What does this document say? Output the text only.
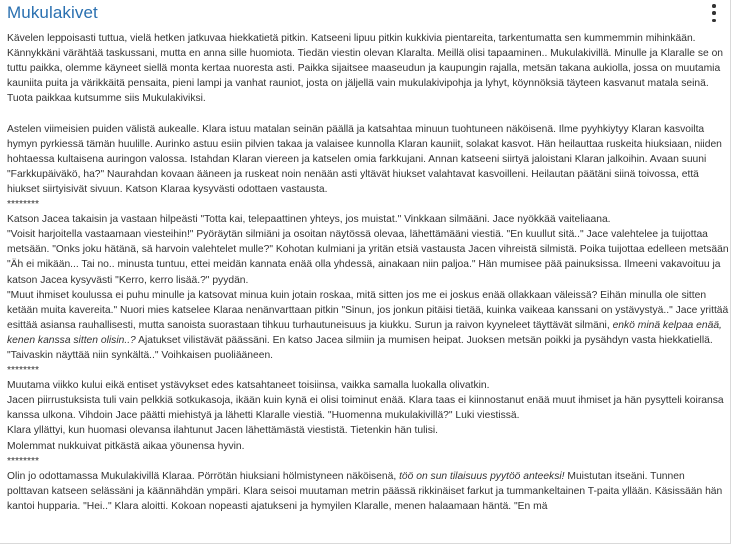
Mukulakivet

Kävelen leppoisasti tuttua, vielä hetken jatkuvaa hiekkatietä pitkin. Katseeni lipuu pitkin kukkivia pientareita, tarkentumatta sen kummemmin mihinkään. Kännykkäni värähtää taskussani, mutta en anna sille huomiota. Tiedän viestin olevan Klaralta. Meillä olisi tapaaminen.. Mukulakivillä. Minulle ja Klaralle se on tuttu paikka, olemme käyneet siellä monta kertaa nuoresta asti. Paikka sijaitsee maaseudun ja kaupungin rajalla, metsän takana aukiolla, jossa on muutamia kauniita puita ja värikkäitä pensaita, pieni lampi ja vanhat rauniot, josta on jäljellä vain mukulakivipohja ja lyhyt, köynnöksiä täyteen kasvanut matala seinä. Tuota paikkaa kutsumme siis Mukulakiviksi.

Astelen viimeisien puiden välistä aukealle. Klara istuu matalan seinän päällä ja katsahtaa minuun tuohtuneen näköisenä. Ilme pyyhkiytyy Klaran kasvoilta hymyn pyrkiessä tämän huulille. Aurinko astuu esiin pilvien takaa ja valaisee kunnolla Klaran kauniit, solakat kasvot. Hän heilauttaa ruskeita hiuksiaan, niiden hohtaessa kultaisena auringon valossa. Istahdan Klaran viereen ja katselen omia farkkujani. Annan katseeni siirtyä jaloistani Klaran jalkoihin. Avaan suuni "Farkkupäiväkö, ha?" Naurahdan kovaan ääneen ja ruskeat noin nenään asti yltävät hiukset valahtavat kasvoilleni. Heilautan päätäni siinä toivossa, että hiukset siirtyisivät sivuun. Katson Klaraa kysyvästi odottaen vastausta.

********

Katson Jacea takaisin ja vastaan hilpeästi "Totta kai, telepaattinen yhteys, jos muistat." Vinkkaan silmääni. Jace nyökkää vaiteliaana.

"Voisit harjoitella vastaamaan viesteihin!" Pyöräytän silmiäni ja osoitan näytössä olevaa, lähettämääni viestiä. "En kuullut sitä.." Jace valehtelee ja tuijottaa metsään. "Onks joku hätänä, sä harvoin valehtelet mulle?" Kohotan kulmiani ja yritän etsiä vastausta Jacen vihreistä silmistä. Poika tuijottaa edelleen metsään "Äh ei mikään... Tai no.. minusta tuntuu, ettei meidän kannata enää olla yhdessä, ainakaan niin paljoa." Hän mumisee pää painuksissa. Ilmeeni vakavoituu ja katson Jacea kysyvästi "Kerro, kerro lisää.?" pyydän.

"Muut ihmiset koulussa ei puhu minulle ja katsovat minua kuin jotain roskaa, mitä sitten jos me ei joskus enää ollakkaan väleissä? Eihän minulla ole sitten ketään muita kavereita." Nuori mies katselee Klaraa nenänvarttaan pitkin "Sinun, jos jonkun pitäisi tietää, kuinka vaikeaa kanssani on ystävystyä.." Jace yrittää esittää asiansa rauhallisesti, mutta sanoista suorastaan tihkuu turhautuneisuus ja kiukku. Surun ja raivon kyyneleet täyttävät silmäni, enkö minä kelpaa enää, kenen kanssa sitten olisin..? Ajatukset vilistävät päässäni. En katso Jacea silmiin ja mumisen heipat. Juoksen metsän poikki ja pysähdyn vasta hiekkatiellä. "Taivaskin näyttää niin synkältä.." Voihkaisen puoliääneen.

********

Muutama viikko kului eikä entiset ystävykset edes katsahtaneet toisiinsa, vaikka samalla luokalla olivatkin.

Jacen piirrustuksista tuli vain pelkkiä sotkukasoja, ikään kuin kynä ei olisi toiminut enää. Klara taas ei kiinnostanut enää muut ihmiset ja hän pysytteli koiransa kanssa ulkona. Vihdoin Jace päätti miehistyä ja lähetti Klaralle viestiä. "Huomenna mukulakivillä?" Luki viestissä.

Klara yllättyi, kun huomasi olevansa ilahtunut Jacen lähettämästä viestistä. Tietenkin hän tulisi.

Molemmat nukkuivat pitkästä aikaa yöunensa hyvin.

********

Olin jo odottamassa Mukulakivillä Klaraa. Pörrötän hiuksiani hölmistyneen näköisenä, töö on sun tilaisuus pyytöö anteeksi! Muistutan itseäni. Tunnen polttavan katseen selässäni ja käännähdän ympäri. Klara seisoi muutaman metrin päässä rikkinäiset farkut ja tummankeltainen T-paita yllään. Käsissään hän kantoi hupparia. "Hei.." Klara aloitti. Kokoan nopeasti ajatukseni ja hymyilen Klaralle, menen halaamaan häntä. "En mä
